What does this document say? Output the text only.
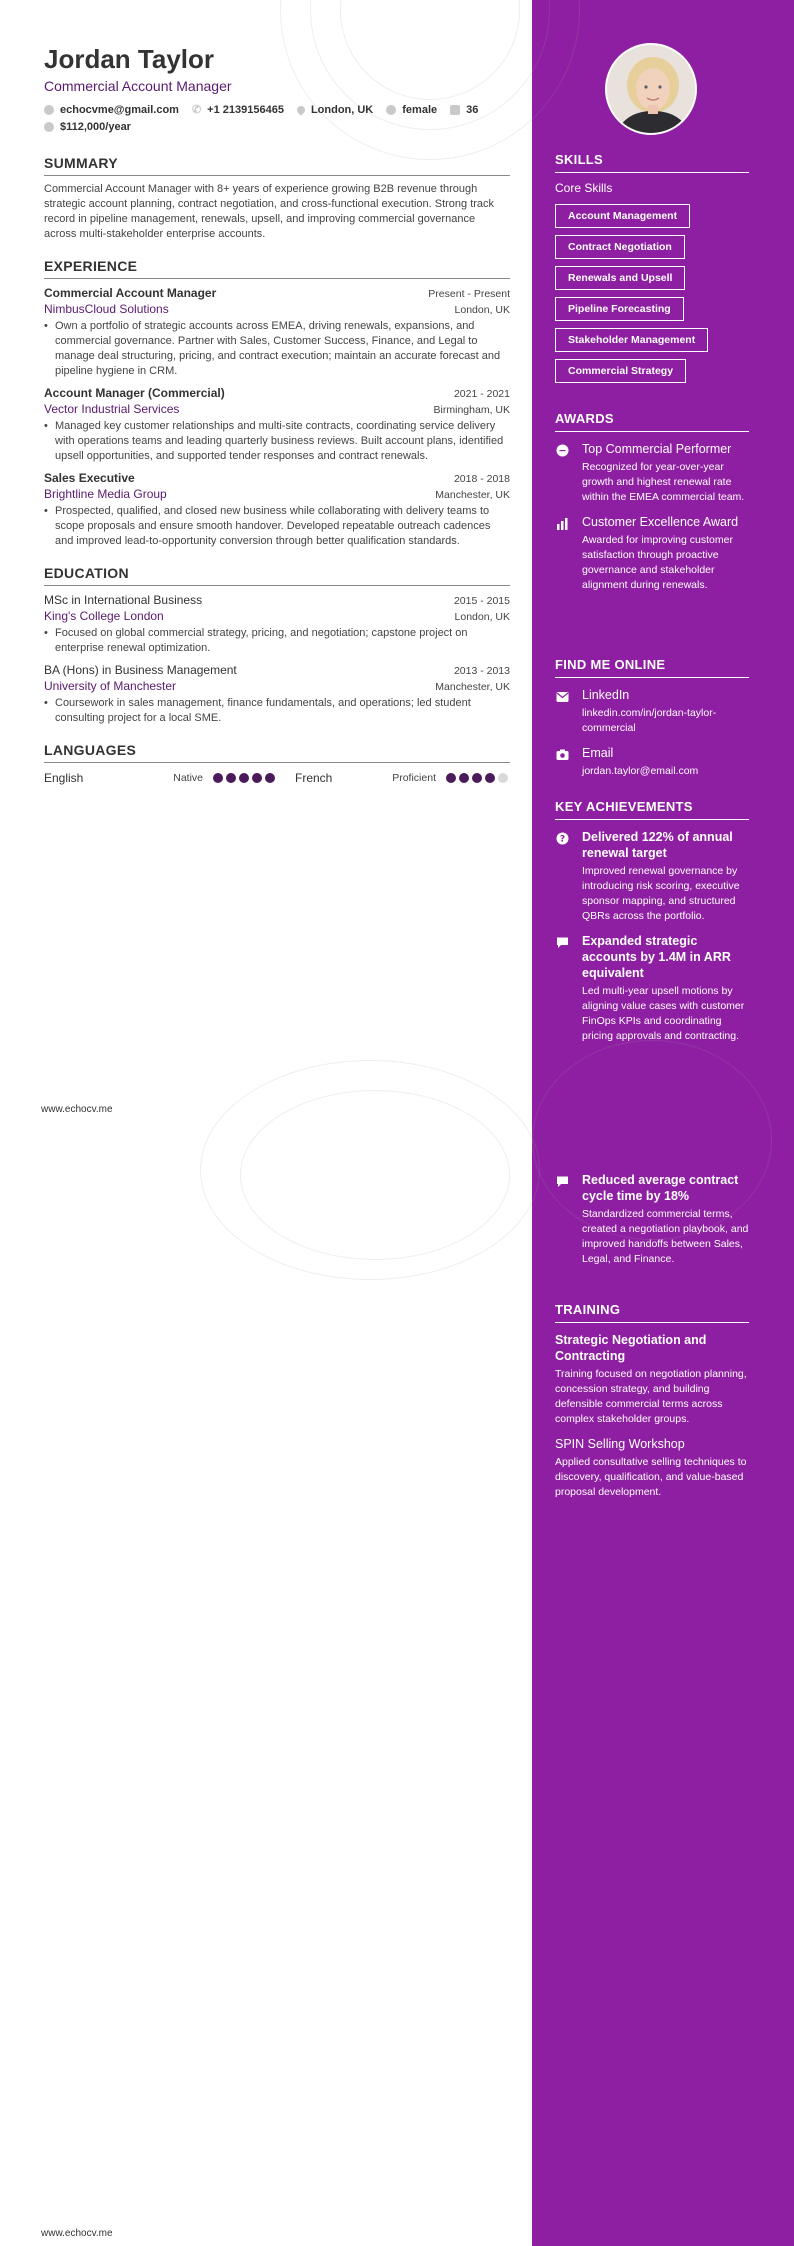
Jordan Taylor
Commercial Account Manager
echocvme@gmail.com ✆ +1 2139156465 London, UK	female	36
$112,000/year
SUMMARY

Commercial Account Manager with 8+ years of experience growing B2B revenue through strategic account planning, contract negotiation, and cross-functional execution. Strong track record in pipeline management, renewals, upsell, and improving commercial governance across multi-stakeholder enterprise accounts.

EXPERIENCE
Commercial Account Manager	Present - Present
NimbusCloud Solutions	London, UK
• Own a portfolio of strategic accounts across EMEA, driving renewals, expansions, and commercial governance. Partner with Sales, Customer Success, Finance, and Legal to manage deal structuring, pricing, and contract execution; maintain an accurate forecast and pipeline hygiene in CRM.
Account Manager (Commercial)	2021 - 2021
Vector Industrial Services	Birmingham, UK
• Managed key customer relationships and multi-site contracts, coordinating service delivery with operations teams and leading quarterly business reviews. Built account plans, identified upsell opportunities, and supported tender responses and contract renewals.
Sales Executive	2018 - 2018
Brightline Media Group	Manchester, UK
• Prospected, qualified, and closed new business while collaborating with delivery teams to scope proposals and ensure smooth handover. Developed repeatable outreach cadences and improved lead-to-opportunity conversion through better qualification standards.
EDUCATION
MSc in International Business	2015 - 2015
King's College London	London, UK
• Focused on global commercial strategy, pricing, and negotiation; capstone project on enterprise renewal optimization.
BA (Hons) in Business Management	2013 - 2013
University of Manchester	Manchester, UK
• Coursework in sales management, finance fundamentals, and operations; led student consulting project for a local SME.
LANGUAGES
English	Native	French	Proficient
www.echocv.me
www.echocv.me
SKILLS
Core Skills
Account Management
Contract Negotiation
Renewals and Upsell
Pipeline Forecasting
Stakeholder Management
Commercial Strategy
AWARDS
Top Commercial Performer
Recognized for year-over-year growth and highest renewal rate within the EMEA commercial team.
Customer Excellence Award
Awarded for improving customer satisfaction through proactive governance and stakeholder alignment during renewals.
FIND ME ONLINE
LinkedIn
linkedin.com/in/jordan-taylor-commercial
Email
jordan.taylor@email.com
KEY ACHIEVEMENTS
? Delivered 122% of annual renewal target
Improved renewal governance by introducing risk scoring, executive sponsor mapping, and structured QBRs across the portfolio.
Expanded strategic accounts by 1.4M in ARR equivalent
Led multi-year upsell motions by aligning value cases with customer FinOps KPIs and coordinating pricing approvals and contracting.
Reduced average contract cycle time by 18%
Standardized commercial terms, created a negotiation playbook, and improved handoffs between Sales, Legal, and Finance.
TRAINING
Strategic Negotiation and Contracting
Training focused on negotiation planning, concession strategy, and building defensible commercial terms across complex stakeholder groups.
SPIN Selling Workshop
Applied consultative selling techniques to discovery, qualification, and value-based proposal development.
